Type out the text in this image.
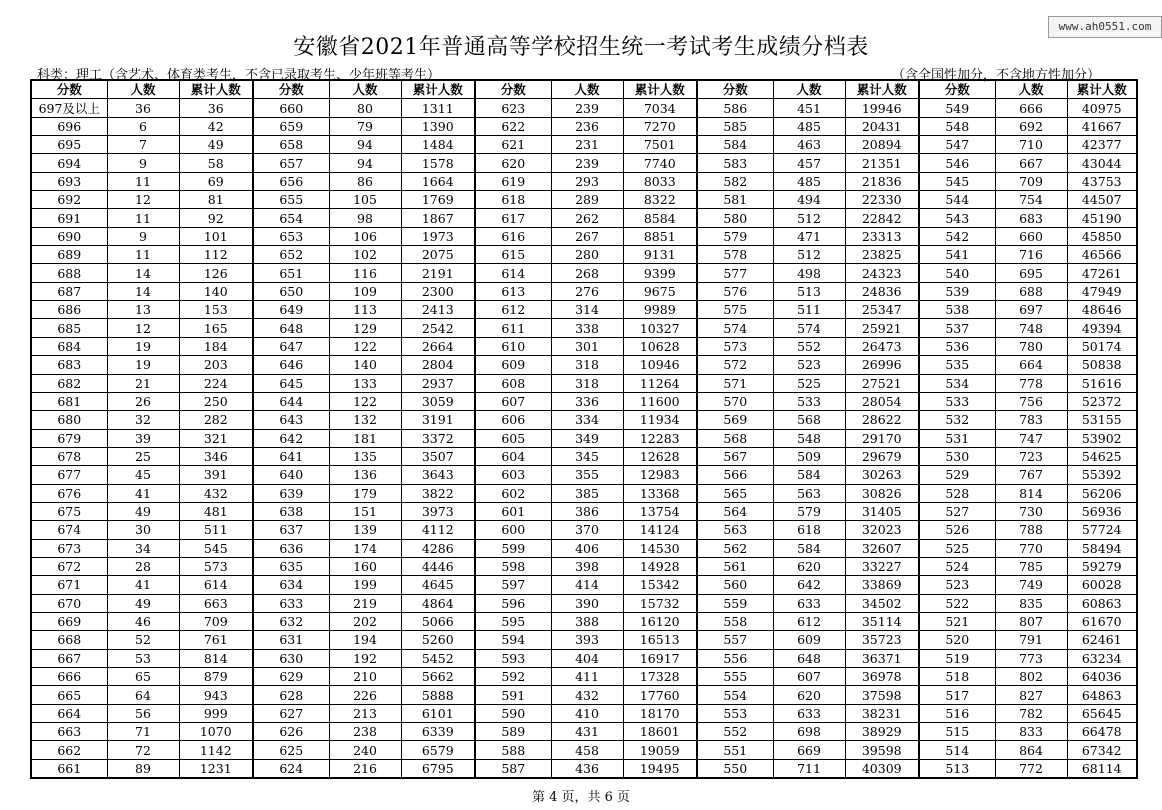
www.ah0551.com
安徽省2021年普通高等学校招生统一考试考生成绩分档表
科类：理工（含艺术、体育类考生，不含已录取考生、少年班等考生）	（含全国性加分，不含地方性加分）
分数	人数	累计人数	分数	人数	累计人数	分数	人数	累计人数	分数	人数	累计人数	分数	人数	累计人数
697及以上	36	36	660	80	1311	623	239	7034	586	451	19946	549	666	40975
696	6	42	659	79	1390	622	236	7270	585	485	20431	548	692	41667
695	7	49	658	94	1484	621	231	7501	584	463	20894	547	710	42377
694	9	58	657	94	1578	620	239	7740	583	457	21351	546	667	43044
693	11	69	656	86	1664	619	293	8033	582	485	21836	545	709	43753
692	12	81	655	105	1769	618	289	8322	581	494	22330	544	754	44507
691	11	92	654	98	1867	617	262	8584	580	512	22842	543	683	45190
690	9	101	653	106	1973	616	267	8851	579	471	23313	542	660	45850
689	11	112	652	102	2075	615	280	9131	578	512	23825	541	716	46566
688	14	126	651	116	2191	614	268	9399	577	498	24323	540	695	47261
687	14	140	650	109	2300	613	276	9675	576	513	24836	539	688	47949
686	13	153	649	113	2413	612	314	9989	575	511	25347	538	697	48646
685	12	165	648	129	2542	611	338	10327	574	574	25921	537	748	49394
684	19	184	647	122	2664	610	301	10628	573	552	26473	536	780	50174
683	19	203	646	140	2804	609	318	10946	572	523	26996	535	664	50838
682	21	224	645	133	2937	608	318	11264	571	525	27521	534	778	51616
681	26	250	644	122	3059	607	336	11600	570	533	28054	533	756	52372
680	32	282	643	132	3191	606	334	11934	569	568	28622	532	783	53155
679	39	321	642	181	3372	605	349	12283	568	548	29170	531	747	53902
678	25	346	641	135	3507	604	345	12628	567	509	29679	530	723	54625
677	45	391	640	136	3643	603	355	12983	566	584	30263	529	767	55392
676	41	432	639	179	3822	602	385	13368	565	563	30826	528	814	56206
675	49	481	638	151	3973	601	386	13754	564	579	31405	527	730	56936
674	30	511	637	139	4112	600	370	14124	563	618	32023	526	788	57724
673	34	545	636	174	4286	599	406	14530	562	584	32607	525	770	58494
672	28	573	635	160	4446	598	398	14928	561	620	33227	524	785	59279
671	41	614	634	199	4645	597	414	15342	560	642	33869	523	749	60028
670	49	663	633	219	4864	596	390	15732	559	633	34502	522	835	60863
669	46	709	632	202	5066	595	388	16120	558	612	35114	521	807	61670
668	52	761	631	194	5260	594	393	16513	557	609	35723	520	791	62461
667	53	814	630	192	5452	593	404	16917	556	648	36371	519	773	63234
666	65	879	629	210	5662	592	411	17328	555	607	36978	518	802	64036
665	64	943	628	226	5888	591	432	17760	554	620	37598	517	827	64863
664	56	999	627	213	6101	590	410	18170	553	633	38231	516	782	65645
663	71	1070	626	238	6339	589	431	18601	552	698	38929	515	833	66478
662	72	1142	625	240	6579	588	458	19059	551	669	39598	514	864	67342
661	89	1231	624	216	6795	587	436	19495	550	711	40309	513	772	68114
第 4 页，共 6 页
